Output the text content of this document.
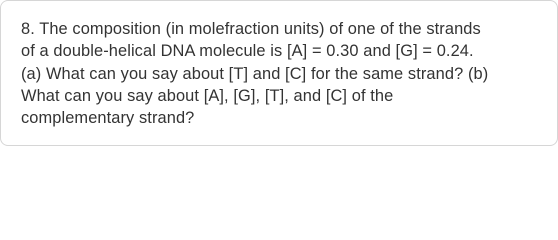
8. The composition (in molefraction units) of one of the strands
of a double-helical DNA molecule is [A] = 0.30 and [G] = 0.24.
(a) What can you say about [T] and [C] for the same strand? (b)
What can you say about [A], [G], [T], and [C] of the
complementary strand?
